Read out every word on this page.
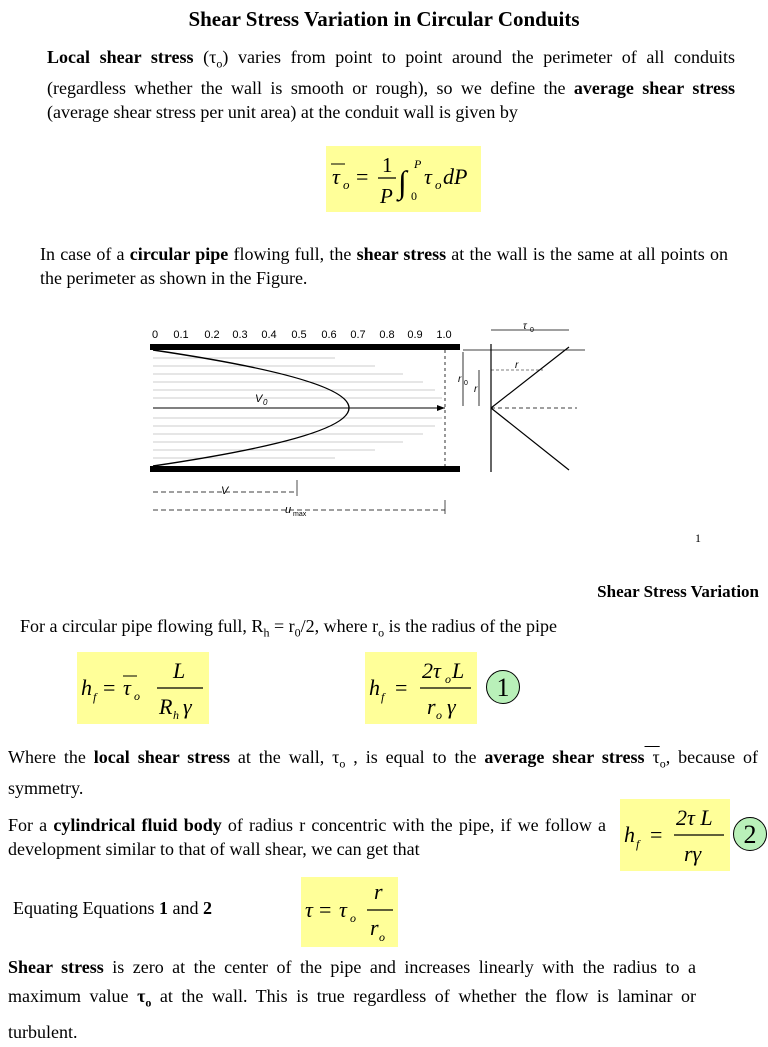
Shear Stress Variation in Circular Conduits
Local shear stress $(\tau_o)$ varies from point to point around the perimeter of all conduits (regardless whether the wall is smooth or rough), so we define the average shear stress (average shear stress per unit area) at the conduit wall is given by
τ o = 1
P ∫ P
0
τ o dP
In case of a circular pipe flowing full, the shear stress at the wall is the same at all points on the perimeter as shown in the Figure.
0 0.1 0.2 0.3 0.4 0.5 0.6 0.7 0.8 0.9 1.0
V 0
τ 0
r 0
r
r
V
u max
1
Shear Stress Variation
For a circular pipe flowing full, $R_h = r_0/2$, where $r_o$ is the radius of the pipe
h f = τ o
L
R h γ
h f =
2τ o L
r o γ
1
Where the local shear stress at the wall, $\tau_o$ , is equal to the average shear stress $\tau_o$, because of symmetry.
For a cylindrical fluid body of radius r concentric with the pipe, if we follow a development similar to that of wall shear, we can get that
h f =
2τ L
rγ
2
Equating Equations 1 and 2	τ = τ o
r
r o
Shear stress is zero at the center of the pipe and increases linearly with the radius to a maximum value $\tau_o$ at the wall. This is true regardless of whether the flow is laminar or turbulent.
